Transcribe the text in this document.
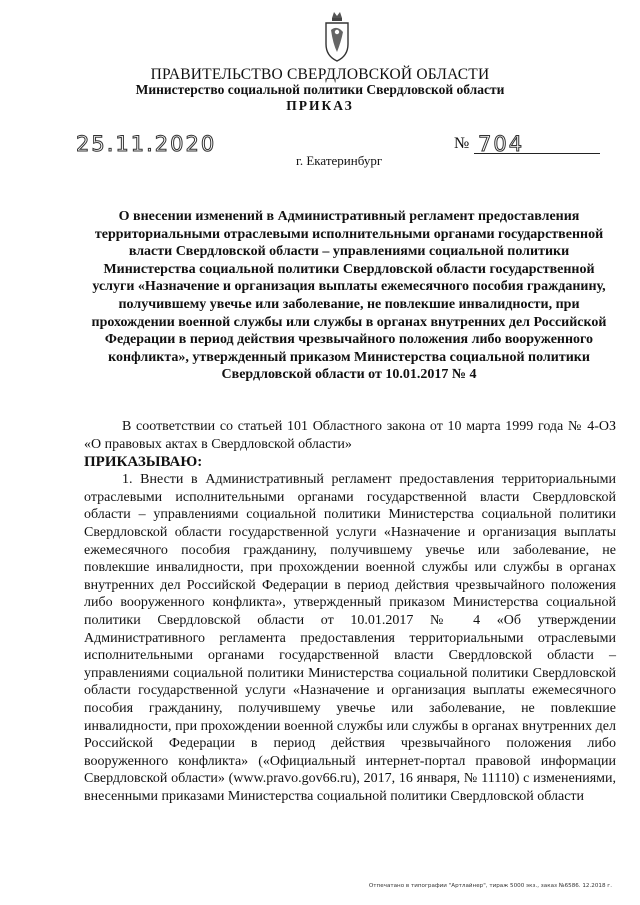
ПРАВИТЕЛЬСТВО СВЕРДЛОВСКОЙ ОБЛАСТИ
Министерство социальной политики Свердловской области
ПРИКАЗ
25.11.2020	№ 704
г. Екатеринбург
О внесении изменений в Административный регламент предоставления территориальными отраслевыми исполнительными органами государственной власти Свердловской области – управлениями социальной политики Министерства социальной политики Свердловской области государственной услуги «Назначение и организация выплаты ежемесячного пособия гражданину, получившему увечье или заболевание, не повлекшие инвалидности, при прохождении военной службы или службы в органах внутренних дел Российской Федерации в период действия чрезвычайного положения либо вооруженного конфликта», утвержденный приказом Министерства социальной политики Свердловской области от 10.01.2017 № 4

В соответствии со статьей 101 Областного закона от 10 марта 1999 года № 4-ОЗ «О правовых актах в Свердловской области»

ПРИКАЗЫВАЮ:

1. Внести в Административный регламент предоставления территориальными отраслевыми исполнительными органами государственной власти Свердловской области – управлениями социальной политики Министерства социальной политики Свердловской области государственной услуги «Назначение и организация выплаты ежемесячного пособия гражданину, получившему увечье или заболевание, не повлекшие инвалидности, при прохождении военной службы или службы в органах внутренних дел Российской Федерации в период действия чрезвычайного положения либо вооруженного конфликта», утвержденный приказом Министерства социальной политики Свердловской области от 10.01.2017 № 4 «Об утверждении Административного регламента предоставления территориальными отраслевыми исполнительными органами государственной власти Свердловской области – управлениями социальной политики Министерства социальной политики Свердловской области государственной услуги «Назначение и организация выплаты ежемесячного пособия гражданину, получившему увечье или заболевание, не повлекшие инвалидности, при прохождении военной службы или службы в органах внутренних дел Российской Федерации в период действия чрезвычайного положения либо вооруженного конфликта» («Официальный интернет-портал правовой информации Свердловской области» (www.pravo.gov66.ru), 2017, 16 января, № 11110) с изменениями, внесенными приказами Министерства социальной политики Свердловской области

Отпечатано в типографии "Артлайнер", тираж 5000 экз., заказ №6586. 12.2018 г.
